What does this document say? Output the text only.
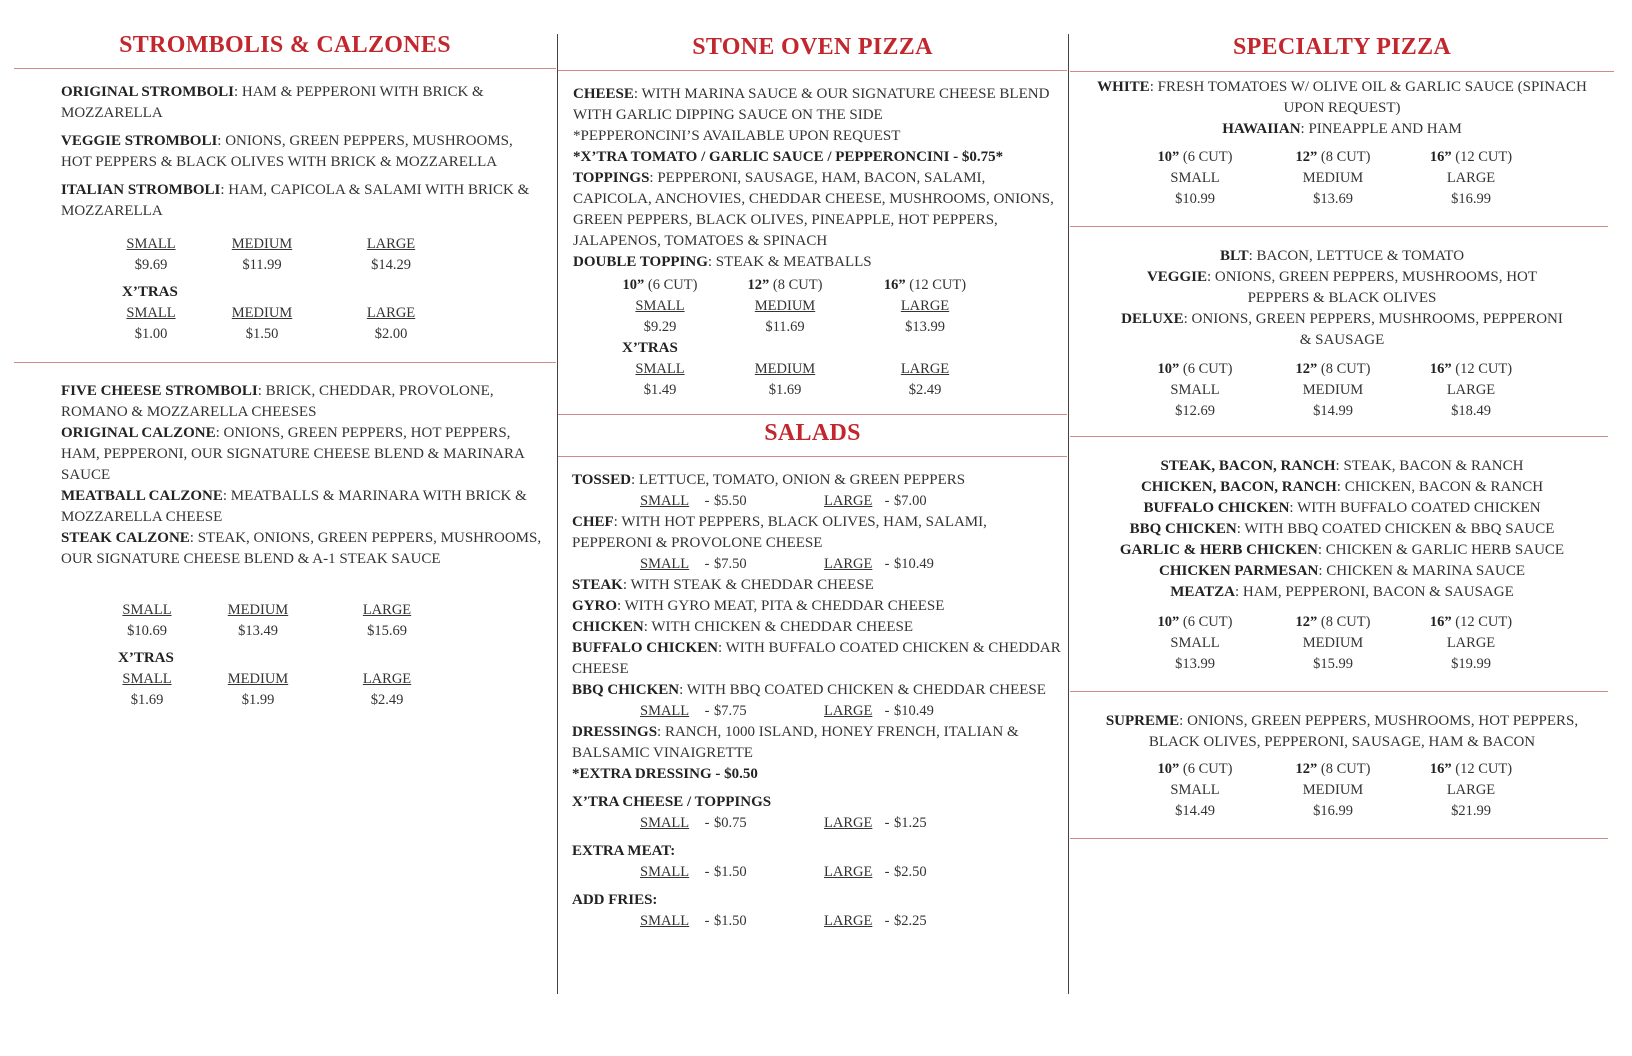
STROMBOLIS & CALZONES

ORIGINAL STROMBOLI: HAM & PEPPERONI WITH BRICK & MOZZARELLA

VEGGIE STROMBOLI: ONIONS, GREEN PEPPERS, MUSHROOMS, HOT PEPPERS & BLACK OLIVES WITH BRICK & MOZZARELLA

ITALIAN STROMBOLI: HAM, CAPICOLA & SALAMI WITH BRICK & MOZZARELLA

SMALL	MEDIUM	LARGE
$9.69	$11.99	$14.29
X’TRAS
SMALL	MEDIUM	LARGE
$1.00	$1.50	$2.00

FIVE CHEESE STROMBOLI: BRICK, CHEDDAR, PROVOLONE, ROMANO & MOZZARELLA CHEESES

ORIGINAL CALZONE: ONIONS, GREEN PEPPERS, HOT PEPPERS, HAM, PEPPERONI, OUR SIGNATURE CHEESE BLEND & MARINARA SAUCE

MEATBALL CALZONE: MEATBALLS & MARINARA WITH BRICK & MOZZARELLA CHEESE

STEAK CALZONE: STEAK, ONIONS, GREEN PEPPERS, MUSHROOMS, OUR SIGNATURE CHEESE BLEND & A-1 STEAK SAUCE

SMALL	MEDIUM	LARGE
$10.69	$13.49	$15.69
X’TRAS
SMALL	MEDIUM	LARGE
$1.69	$1.99	$2.49
STONE OVEN PIZZA

CHEESE: WITH MARINA SAUCE & OUR SIGNATURE CHEESE BLEND WITH GARLIC DIPPING SAUCE ON THE SIDE

*PEPPERONCINI’S AVAILABLE UPON REQUEST

*X’TRA TOMATO / GARLIC SAUCE / PEPPERONCINI - $0.75*

TOPPINGS: PEPPERONI, SAUSAGE, HAM, BACON, SALAMI, CAPICOLA, ANCHOVIES, CHEDDAR CHEESE, MUSHROOMS, ONIONS, GREEN PEPPERS, BLACK OLIVES, PINEAPPLE, HOT PEPPERS, JALAPENOS, TOMATOES & SPINACH

DOUBLE TOPPING: STEAK & MEATBALLS

10” (6 CUT)	12” (8 CUT)	16” (12 CUT)
SMALL	MEDIUM	LARGE
$9.29	$11.69	$13.99
X’TRAS
SMALL	MEDIUM	LARGE
$1.49	$1.69	$2.49
SALADS

TOSSED: LETTUCE, TOMATO, ONION & GREEN PEPPERS

SMALL - $5.50	LARGE - $7.00

CHEF: WITH HOT PEPPERS, BLACK OLIVES, HAM, SALAMI, PEPPERONI & PROVOLONE CHEESE

SMALL - $7.50	LARGE - $10.49

STEAK: WITH STEAK & CHEDDAR CHEESE

GYRO: WITH GYRO MEAT, PITA & CHEDDAR CHEESE

CHICKEN: WITH CHICKEN & CHEDDAR CHEESE

BUFFALO CHICKEN: WITH BUFFALO COATED CHICKEN & CHEDDAR CHEESE

BBQ CHICKEN: WITH BBQ COATED CHICKEN & CHEDDAR CHEESE

SMALL - $7.75	LARGE - $10.49

DRESSINGS: RANCH, 1000 ISLAND, HONEY FRENCH, ITALIAN & BALSAMIC VINAIGRETTE

*EXTRA DRESSING - $0.50

X’TRA CHEESE / TOPPINGS

SMALL - $0.75	LARGE - $1.25

EXTRA MEAT:

SMALL - $1.50	LARGE - $2.50

ADD FRIES:

SMALL - $1.50	LARGE - $2.25
SPECIALTY PIZZA

WHITE: FRESH TOMATOES W/ OLIVE OIL & GARLIC SAUCE (SPINACH UPON REQUEST)

HAWAIIAN: PINEAPPLE AND HAM

10” (6 CUT)	12” (8 CUT)	16” (12 CUT)
SMALL	MEDIUM	LARGE
$10.99	$13.69	$16.99

BLT: BACON, LETTUCE & TOMATO

VEGGIE: ONIONS, GREEN PEPPERS, MUSHROOMS, HOT PEPPERS & BLACK OLIVES

DELUXE: ONIONS, GREEN PEPPERS, MUSHROOMS, PEPPERONI & SAUSAGE

10” (6 CUT)	12” (8 CUT)	16” (12 CUT)
SMALL	MEDIUM	LARGE
$12.69	$14.99	$18.49

STEAK, BACON, RANCH: STEAK, BACON & RANCH

CHICKEN, BACON, RANCH: CHICKEN, BACON & RANCH

BUFFALO CHICKEN: WITH BUFFALO COATED CHICKEN

BBQ CHICKEN: WITH BBQ COATED CHICKEN & BBQ SAUCE

GARLIC & HERB CHICKEN: CHICKEN & GARLIC HERB SAUCE

CHICKEN PARMESAN: CHICKEN & MARINA SAUCE

MEATZA: HAM, PEPPERONI, BACON & SAUSAGE

10” (6 CUT)	12” (8 CUT)	16” (12 CUT)
SMALL	MEDIUM	LARGE
$13.99	$15.99	$19.99

SUPREME: ONIONS, GREEN PEPPERS, MUSHROOMS, HOT PEPPERS, BLACK OLIVES, PEPPERONI, SAUSAGE, HAM & BACON

10” (6 CUT)	12” (8 CUT)	16” (12 CUT)
SMALL	MEDIUM	LARGE
$14.49	$16.99	$21.99
